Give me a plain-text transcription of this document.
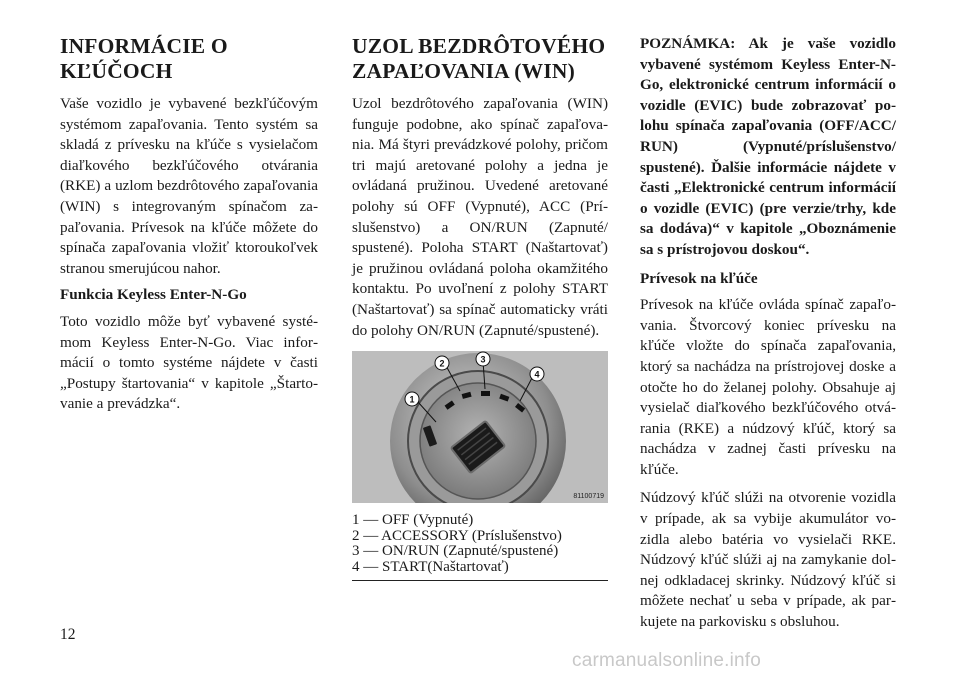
INFORMÁCIE O KĽÚČOCH

Vaše vozidlo je vybavené bezkľúčovým systémom zapaľovania. Tento systém sa skladá z prívesku na kľúče s vysielačom diaľkového bezkľúčového otvárania (RKE) a uzlom bezdrôtového zapaľovania (WIN) s integrovaným spínačom zapaľovania. Prívesok na kľúče môžete do spínača zapaľovania vložiť ktoroukoľvek stranou smerujúcou nahor.

Funkcia Keyless Enter-N-Go

Toto vozidlo môže byť vybavené systémom Keyless Enter-N-Go. Viac informácií o tomto systéme nájdete v časti „Postupy štartovania“ v kapitole „Štartovanie a prevádzka“.

UZOL BEZDRÔTOVÉHO ZAPAĽOVANIA (WIN)

Uzol bezdrôtového zapaľovania (WIN) funguje podobne, ako spínač zapaľovania. Má štyri prevádzkové polohy, pričom tri majú aretované polohy a jedna je ovládaná pružinou. Uvedené aretované polohy sú OFF (Vypnuté), ACC (Príslušenstvo) a ON/RUN (Zapnuté/ spustené). Poloha START (Naštartovať) je pružinou ovládaná poloha okamžitého kontaktu. Po uvoľnení z polohy START (Naštartovať) sa spínač automaticky vráti do polohy ON/RUN (Zapnuté/spustené).

1
2	3
4
81100719
1 — OFF (Vypnuté)
2 — ACCESSORY (Príslušenstvo)
3 — ON/RUN (Zapnuté/spustené)
4 — START(Naštartovať)

POZNÁMKA: Ak je vaše vozidlo vybavené systémom Keyless Enter-N-Go, elektronické centrum informácií o vozidle (EVIC) bude zobrazovať polohu spínača zapaľovania (OFF/ACC/ RUN) (Vypnuté/príslušenstvo/ spustené). Ďalšie informácie nájdete v časti „Elektronické centrum informácií o vozidle (EVIC) (pre verzie/trhy, kde sa dodáva)“ v kapitole „Oboznámenie sa s prístrojovou doskou“.

Prívesok na kľúče

Prívesok na kľúče ovláda spínač zapaľovania. Štvorcový koniec prívesku na kľúče vložte do spínača zapaľovania, ktorý sa nachádza na prístrojovej doske a otočte ho do želanej polohy. Obsahuje aj vysielač diaľkového bezkľúčového otvárania (RKE) a núdzový kľúč, ktorý sa nachádza v zadnej časti prívesku na kľúče.

Núdzový kľúč slúži na otvorenie vozidla v prípade, ak sa vybije akumulátor vozidla alebo batéria vo vysielači RKE. Núdzový kľúč slúži aj na zamykanie dolnej odkladacej skrinky. Núdzový kľúč si môžete nechať u seba v prípade, ak parkujete na parkovisku s obsluhou.

12
carmanualsonline.info
